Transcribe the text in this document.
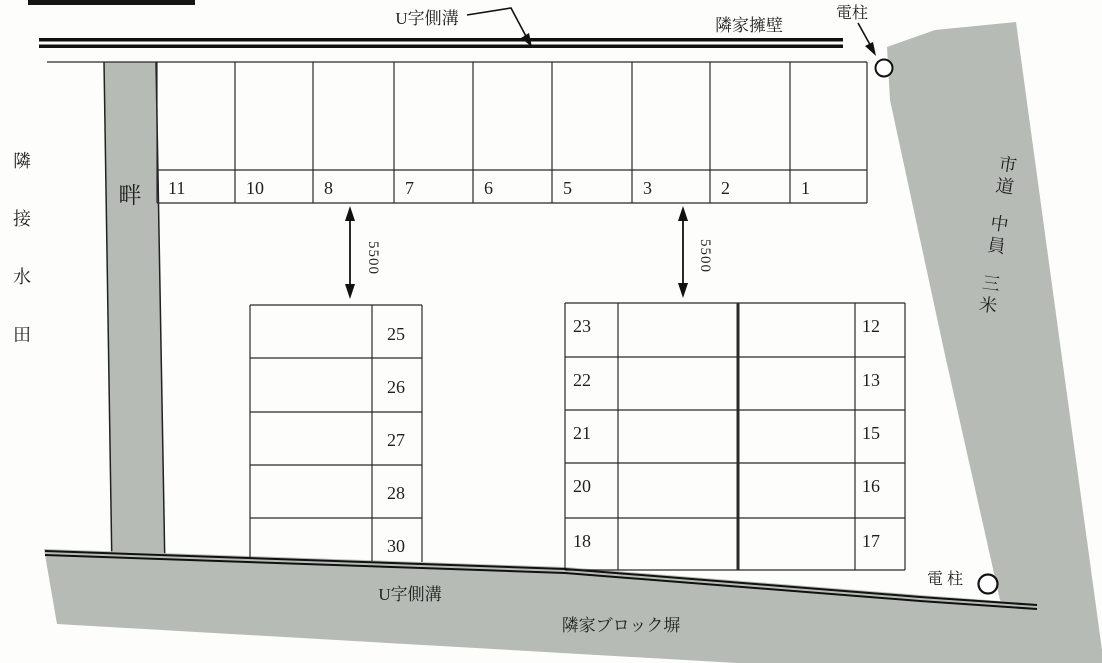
11	10	8	7	6	5	3	2	1
25
26
27
28
30
23
22
21
20
18
12
13
15
16
17
5500	5500
U字側溝	隣家擁壁
電柱
電 柱
U字側溝
隣家ブロック塀
畔
隣
接
水
田
市
道
中
員
三
米
